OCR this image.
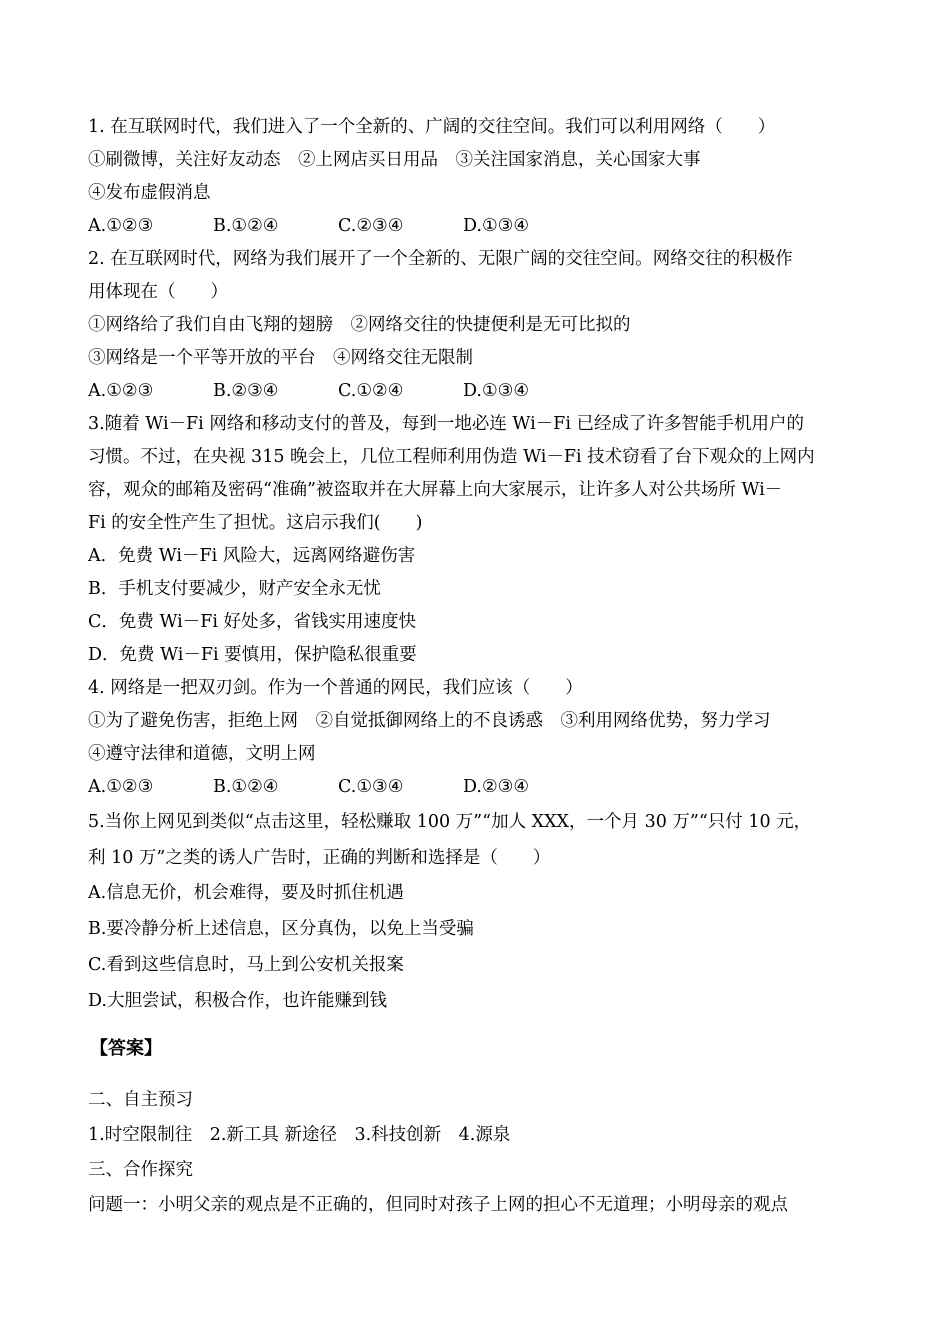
1. 在互联网时代，我们进入了一个全新的、广阔的交往空间。我们可以利用网络（　　）
①刷微博，关注好友动态　②上网店买日用品　③关注国家消息，关心国家大事
④发布虚假消息
A.①②③	B.①②④	C.②③④	D.①③④
2. 在互联网时代，网络为我们展开了一个全新的、无限广阔的交往空间。网络交往的积极作
用体现在（　　）
①网络给了我们自由飞翔的翅膀　②网络交往的快捷便利是无可比拟的
③网络是一个平等开放的平台　④网络交往无限制
A.①②③	B.②③④	C.①②④	D.①③④
3.随着 Wi－Fi 网络和移动支付的普及，每到一地必连 Wi－Fi 已经成了许多智能手机用户的
习惯。不过，在央视 315 晚会上，几位工程师利用伪造 Wi－Fi 技术窃看了台下观众的上网内
容，观众的邮箱及密码“准确”被盗取并在大屏幕上向大家展示，让许多人对公共场所 Wi－
Fi 的安全性产生了担忧。这启示我们(　　)
A．免费 Wi－Fi 风险大，远离网络避伤害
B．手机支付要减少，财产安全永无忧
C．免费 Wi－Fi 好处多，省钱实用速度快
D．免费 Wi－Fi 要慎用，保护隐私很重要
4. 网络是一把双刃剑。作为一个普通的网民，我们应该（　　）
①为了避免伤害，拒绝上网　②自觉抵御网络上的不良诱惑　③利用网络优势，努力学习
④遵守法律和道德，文明上网
A.①②③	B.①②④	C.①③④	D.②③④
5.当你上网见到类似“点击这里，轻松赚取 100 万”“加人 XXX，一个月 30 万”“只付 10 元，
利 10 万”之类的诱人广告时，正确的判断和选择是（　　）
A.信息无价，机会难得，要及时抓住机遇
B.要冷静分析上述信息，区分真伪，以免上当受骗
C.看到这些信息时，马上到公安机关报案
D.大胆尝试，积极合作，也许能赚到钱
【答案】
二、自主预习
1.时空限制往　2.新工具 新途径　3.科技创新　4.源泉
三、合作探究
问题一：小明父亲的观点是不正确的，但同时对孩子上网的担心不无道理；小明母亲的观点
